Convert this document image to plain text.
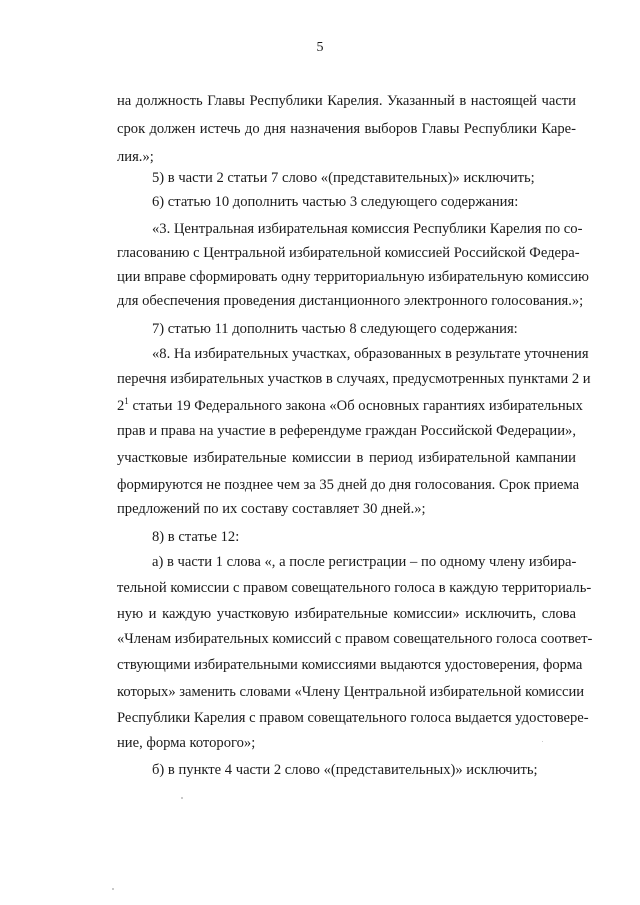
5
на должность Главы Республики Карелия. Указанный в настоящей части
срок должен истечь до дня назначения выборов Главы Республики Каре-
лия.»;
5) в части 2 статьи 7 слово «(представительных)» исключить;
6) статью 10 дополнить частью 3 следующего содержания:
«3. Центральная избирательная комиссия Республики Карелия по со-
гласованию с Центральной избирательной комиссией Российской Федера-
ции вправе сформировать одну территориальную избирательную комиссию
для обеспечения проведения дистанционного электронного голосования.»;
7) статью 11 дополнить частью 8 следующего содержания:
«8. На избирательных участках, образованных в результате уточнения
перечня избирательных участков в случаях, предусмотренных пунктами 2 и
$2^1$ статьи 19 Федерального закона «Об основных гарантиях избирательных
прав и права на участие в референдуме граждан Российской Федерации»,
участковые избирательные комиссии в период избирательной кампании
формируются не позднее чем за 35 дней до дня голосования. Срок приема
предложений по их составу составляет 30 дней.»;
8) в статье 12:
а) в части 1 слова «, а после регистрации – по одному члену избира-
тельной комиссии с правом совещательного голоса в каждую территориаль-
ную и каждую участковую избирательные комиссии» исключить, слова
«Членам избирательных комиссий с правом совещательного голоса соответ-
ствующими избирательными комиссиями выдаются удостоверения, форма
которых» заменить словами «Члену Центральной избирательной комиссии
Республики Карелия с правом совещательного голоса выдается удостовере-
ние, форма которого»;
б) в пункте 4 части 2 слово «(представительных)» исключить;
